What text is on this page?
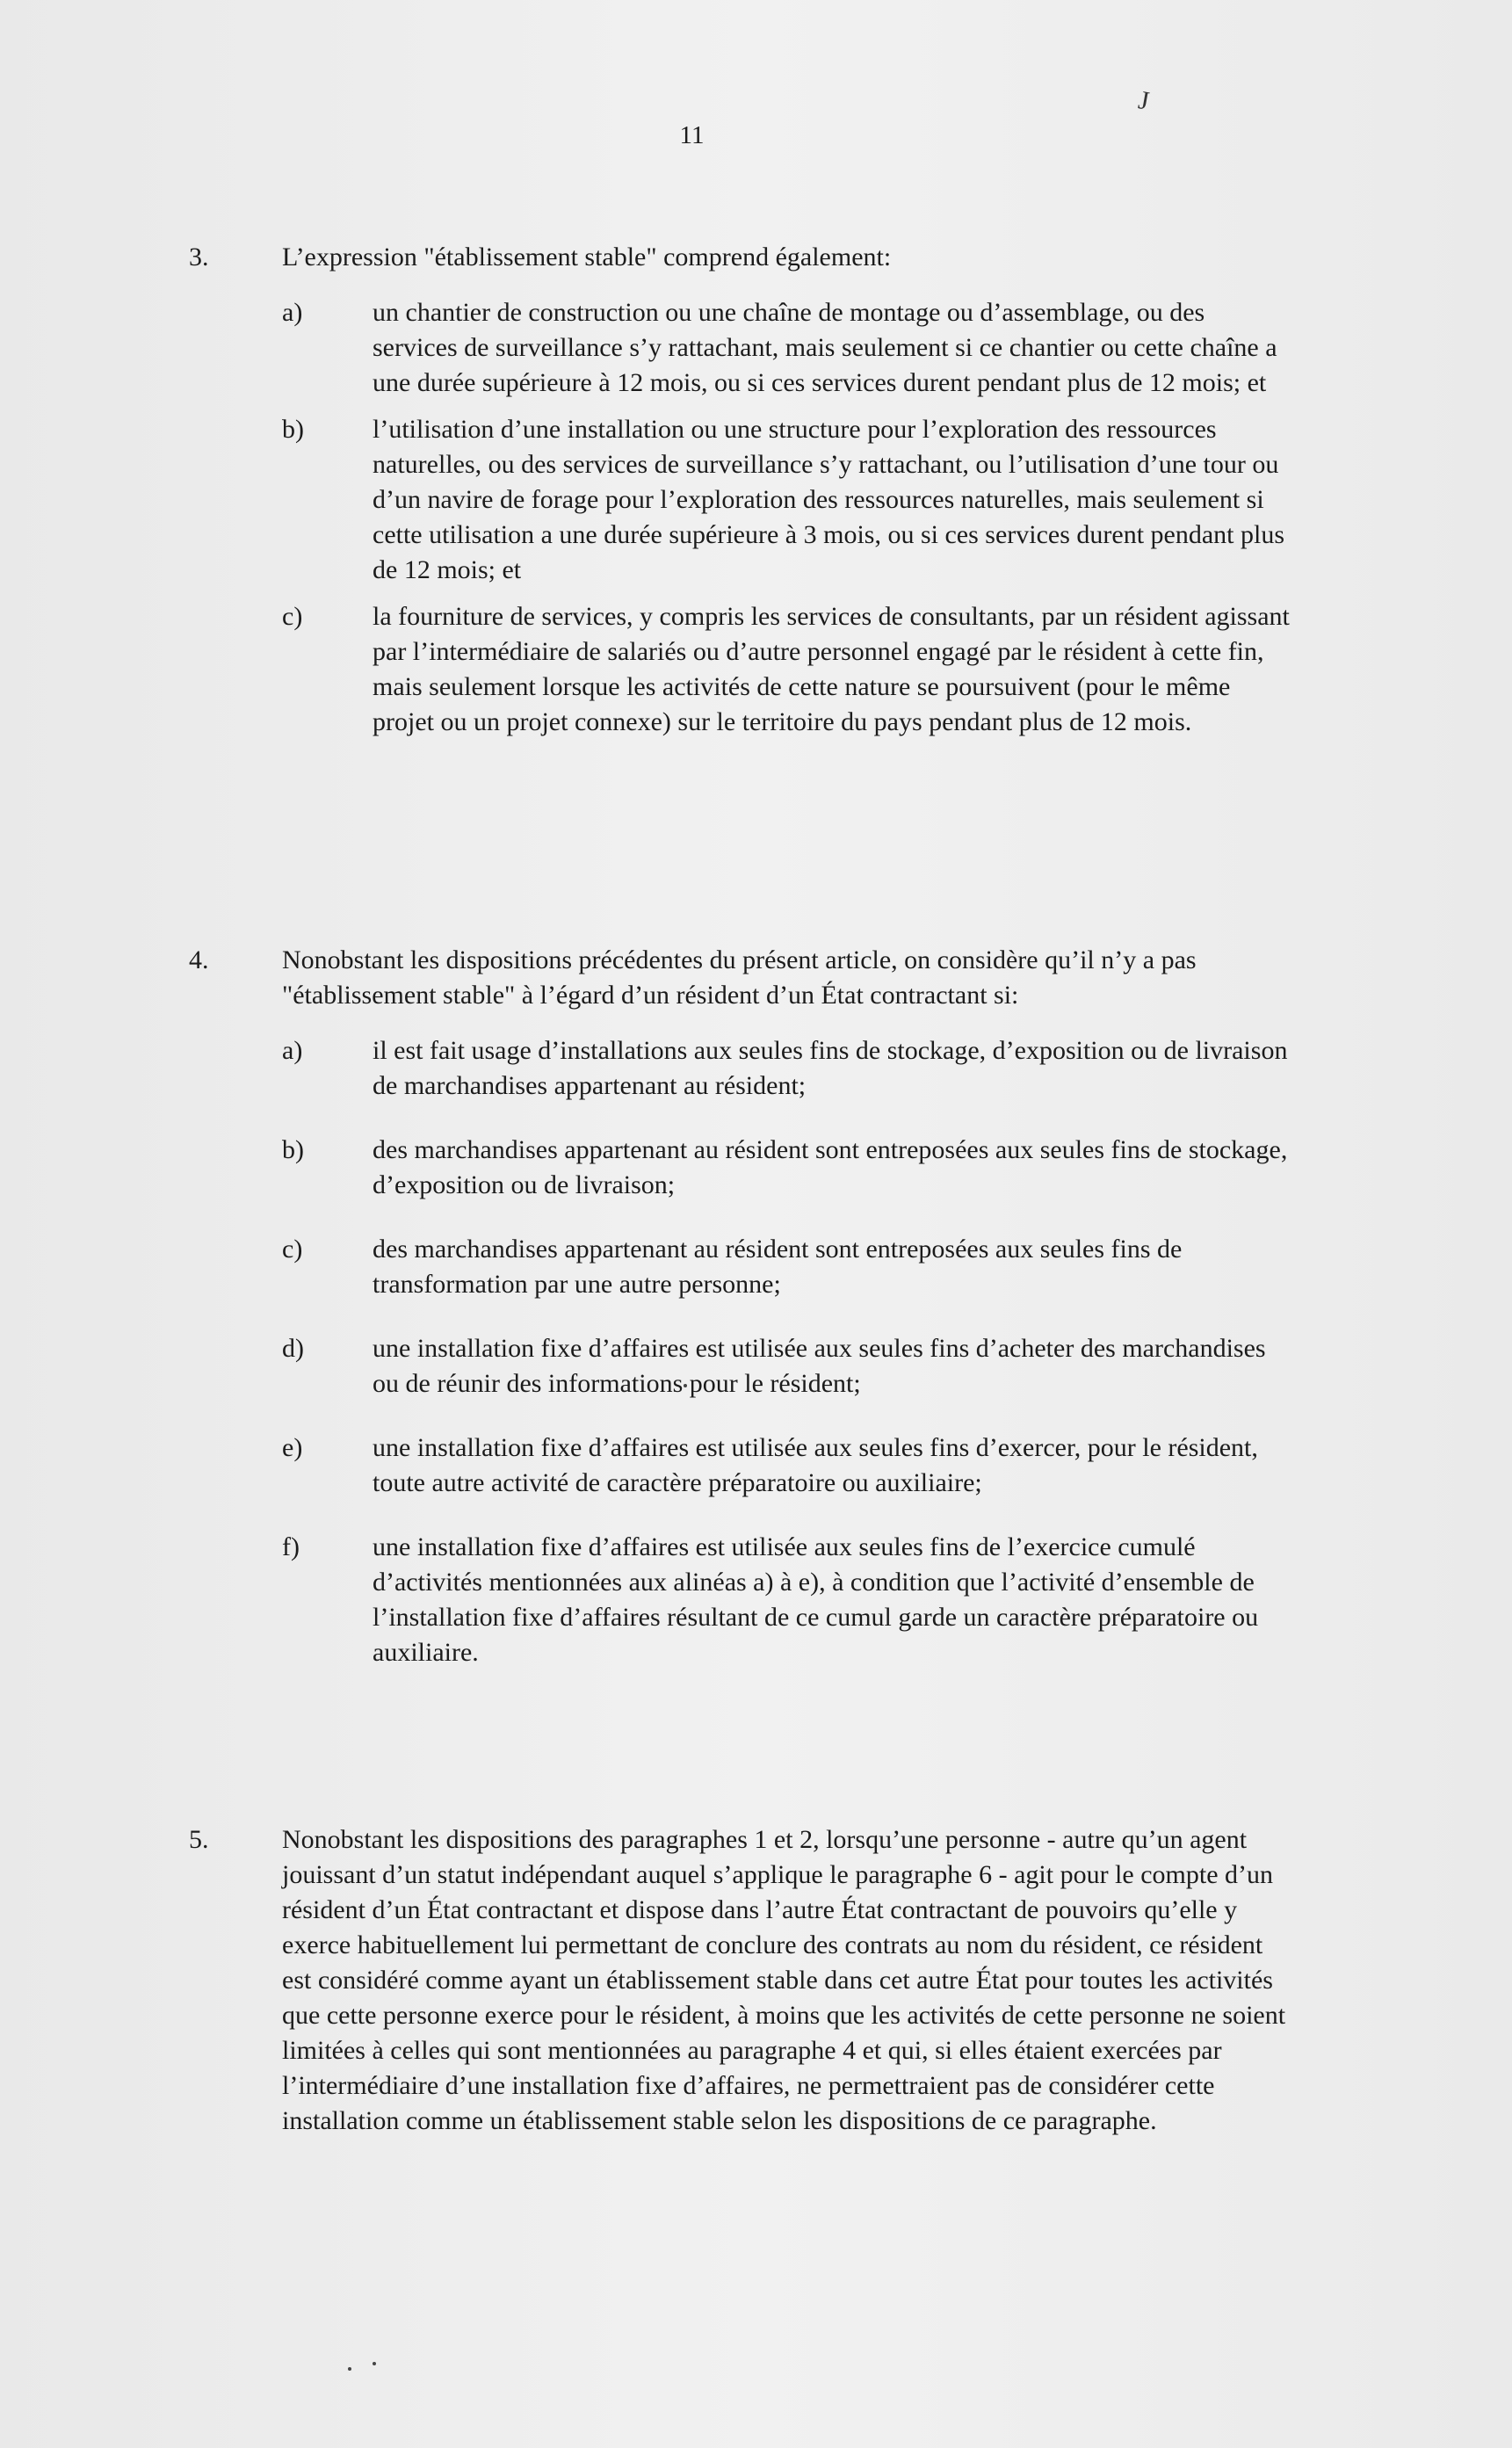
11
J
3.	L’expression "établissement stable" comprend également:

a)	un chantier de construction ou une chaîne de montage ou d’assemblage, ou des services de surveillance s’y rattachant, mais seulement si ce chantier ou cette chaîne a une durée supérieure à 12 mois, ou si ces services durent pendant plus de 12 mois; et
b)	l’utilisation d’une installation ou une structure pour l’exploration des ressources naturelles, ou des services de surveillance s’y rattachant, ou l’utilisation d’une tour ou d’un navire de forage pour l’exploration des ressources naturelles, mais seulement si cette utilisation a une durée supérieure à 3 mois, ou si ces services durent pendant plus de 12 mois; et
c)	la fourniture de services, y compris les services de consultants, par un résident agissant par l’intermédiaire de salariés ou d’autre personnel engagé par le résident à cette fin, mais seulement lorsque les activités de cette nature se poursuivent (pour le même projet ou un projet connexe) sur le territoire du pays pendant plus de 12 mois.
4.	Nonobstant les dispositions précédentes du présent article, on considère qu’il n’y a pas "établissement stable" à l’égard d’un résident d’un État contractant si:

a)	il est fait usage d’installations aux seules fins de stockage, d’exposition ou de livraison de marchandises appartenant au résident;
b)	des marchandises appartenant au résident sont entreposées aux seules fins de stockage, d’exposition ou de livraison;
c)	des marchandises appartenant au résident sont entreposées aux seules fins de transformation par une autre personne;
d)	une installation fixe d’affaires est utilisée aux seules fins d’acheter des marchandises ou de réunir des informations pour le résident;
e)	une installation fixe d’affaires est utilisée aux seules fins d’exercer, pour le résident, toute autre activité de caractère préparatoire ou auxiliaire;
f)	une installation fixe d’affaires est utilisée aux seules fins de l’exercice cumulé d’activités mentionnées aux alinéas a) à e), à condition que l’activité d’ensemble de l’installation fixe d’affaires résultant de ce cumul garde un caractère préparatoire ou auxiliaire.
5.	Nonobstant les dispositions des paragraphes 1 et 2, lorsqu’une personne - autre qu’un agent jouissant d’un statut indépendant auquel s’applique le paragraphe 6 - agit pour le compte d’un résident d’un État contractant et dispose dans l’autre État contractant de pouvoirs qu’elle y exerce habituellement lui permettant de conclure des contrats au nom du résident, ce résident est considéré comme ayant un établissement stable dans cet autre État pour toutes les activités que cette personne exerce pour le résident, à moins que les activités de cette personne ne soient limitées à celles qui sont mentionnées au paragraphe 4 et qui, si elles étaient exercées par l’intermédiaire d’une installation fixe d’affaires, ne permettraient pas de considérer cette installation comme un établissement stable selon les dispositions de ce paragraphe.
